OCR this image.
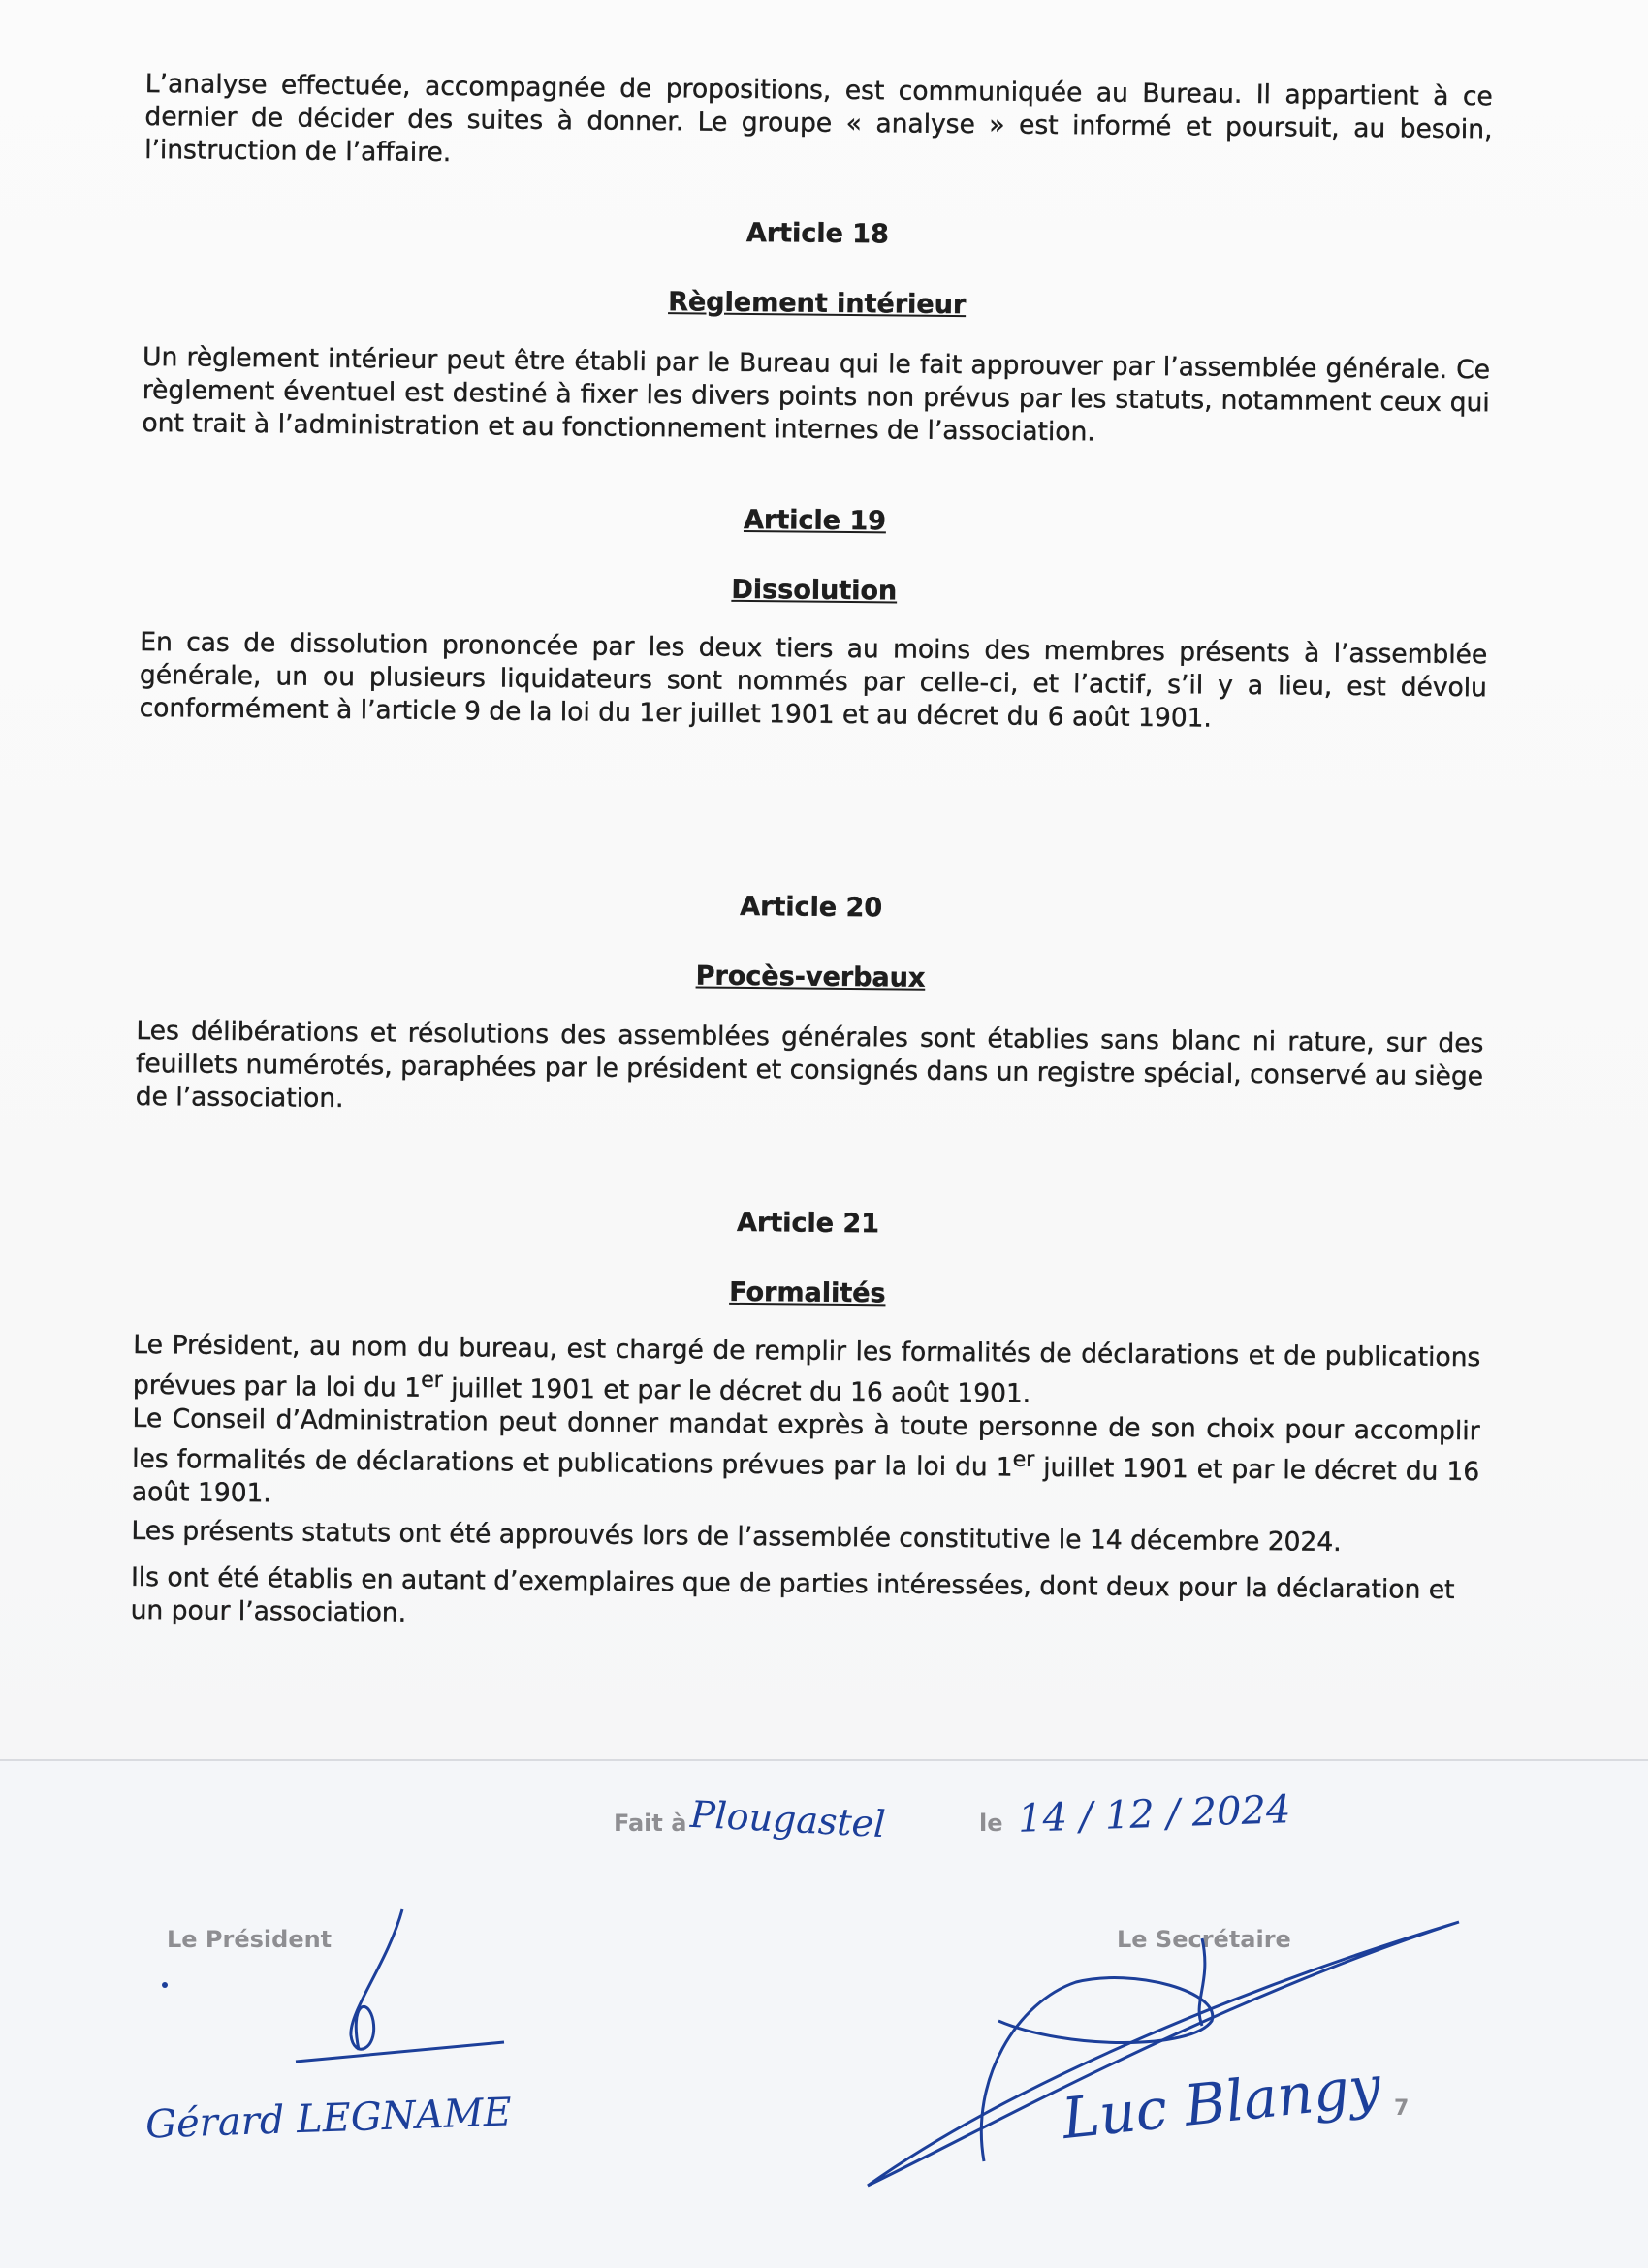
L’analyse effectuée, accompagnée de propositions, est communiquée au Bureau. Il appartient à ce dernier de décider des suites à donner. Le groupe « analyse » est informé et poursuit, au besoin, l’instruction de l’affaire.

Article 18

Règlement intérieur

Un règlement intérieur peut être établi par le Bureau qui le fait approuver par l’assemblée générale. Ce règlement éventuel est destiné à fixer les divers points non prévus par les statuts, notamment ceux qui ont trait à l’administration et au fonctionnement internes de l’association.

Article 19

Dissolution

En cas de dissolution prononcée par les deux tiers au moins des membres présents à l’assemblée générale, un ou plusieurs liquidateurs sont nommés par celle-ci, et l’actif, s’il y a lieu, est dévolu conformément à l’article 9 de la loi du 1er juillet 1901 et au décret du 6 août 1901.

Article 20

Procès-verbaux

Les délibérations et résolutions des assemblées générales sont établies sans blanc ni rature, sur des feuillets numérotés, paraphées par le président et consignés dans un registre spécial, conservé au siège de l’association.

Article 21

Formalités

Le Président, au nom du bureau, est chargé de remplir les formalités de déclarations et de publications prévues par la loi du 1er juillet 1901 et par le décret du 16 août 1901.

Le Conseil d’Administration peut donner mandat exprès à toute personne de son choix pour accomplir les formalités de déclarations et publications prévues par la loi du 1er juillet 1901 et par le décret du 16 août 1901.

Les présents statuts ont été approuvés lors de l’assemblée constitutive le 14 décembre 2024.

Ils ont été établis en autant d’exemplaires que de parties intéressées, dont deux pour la déclaration et un pour l’association.

Fait à Plougastel	le 14 / 12 / 2024
Le Président	Le Secrétaire
Gérard LEGNAME	Luc Blangy 7
